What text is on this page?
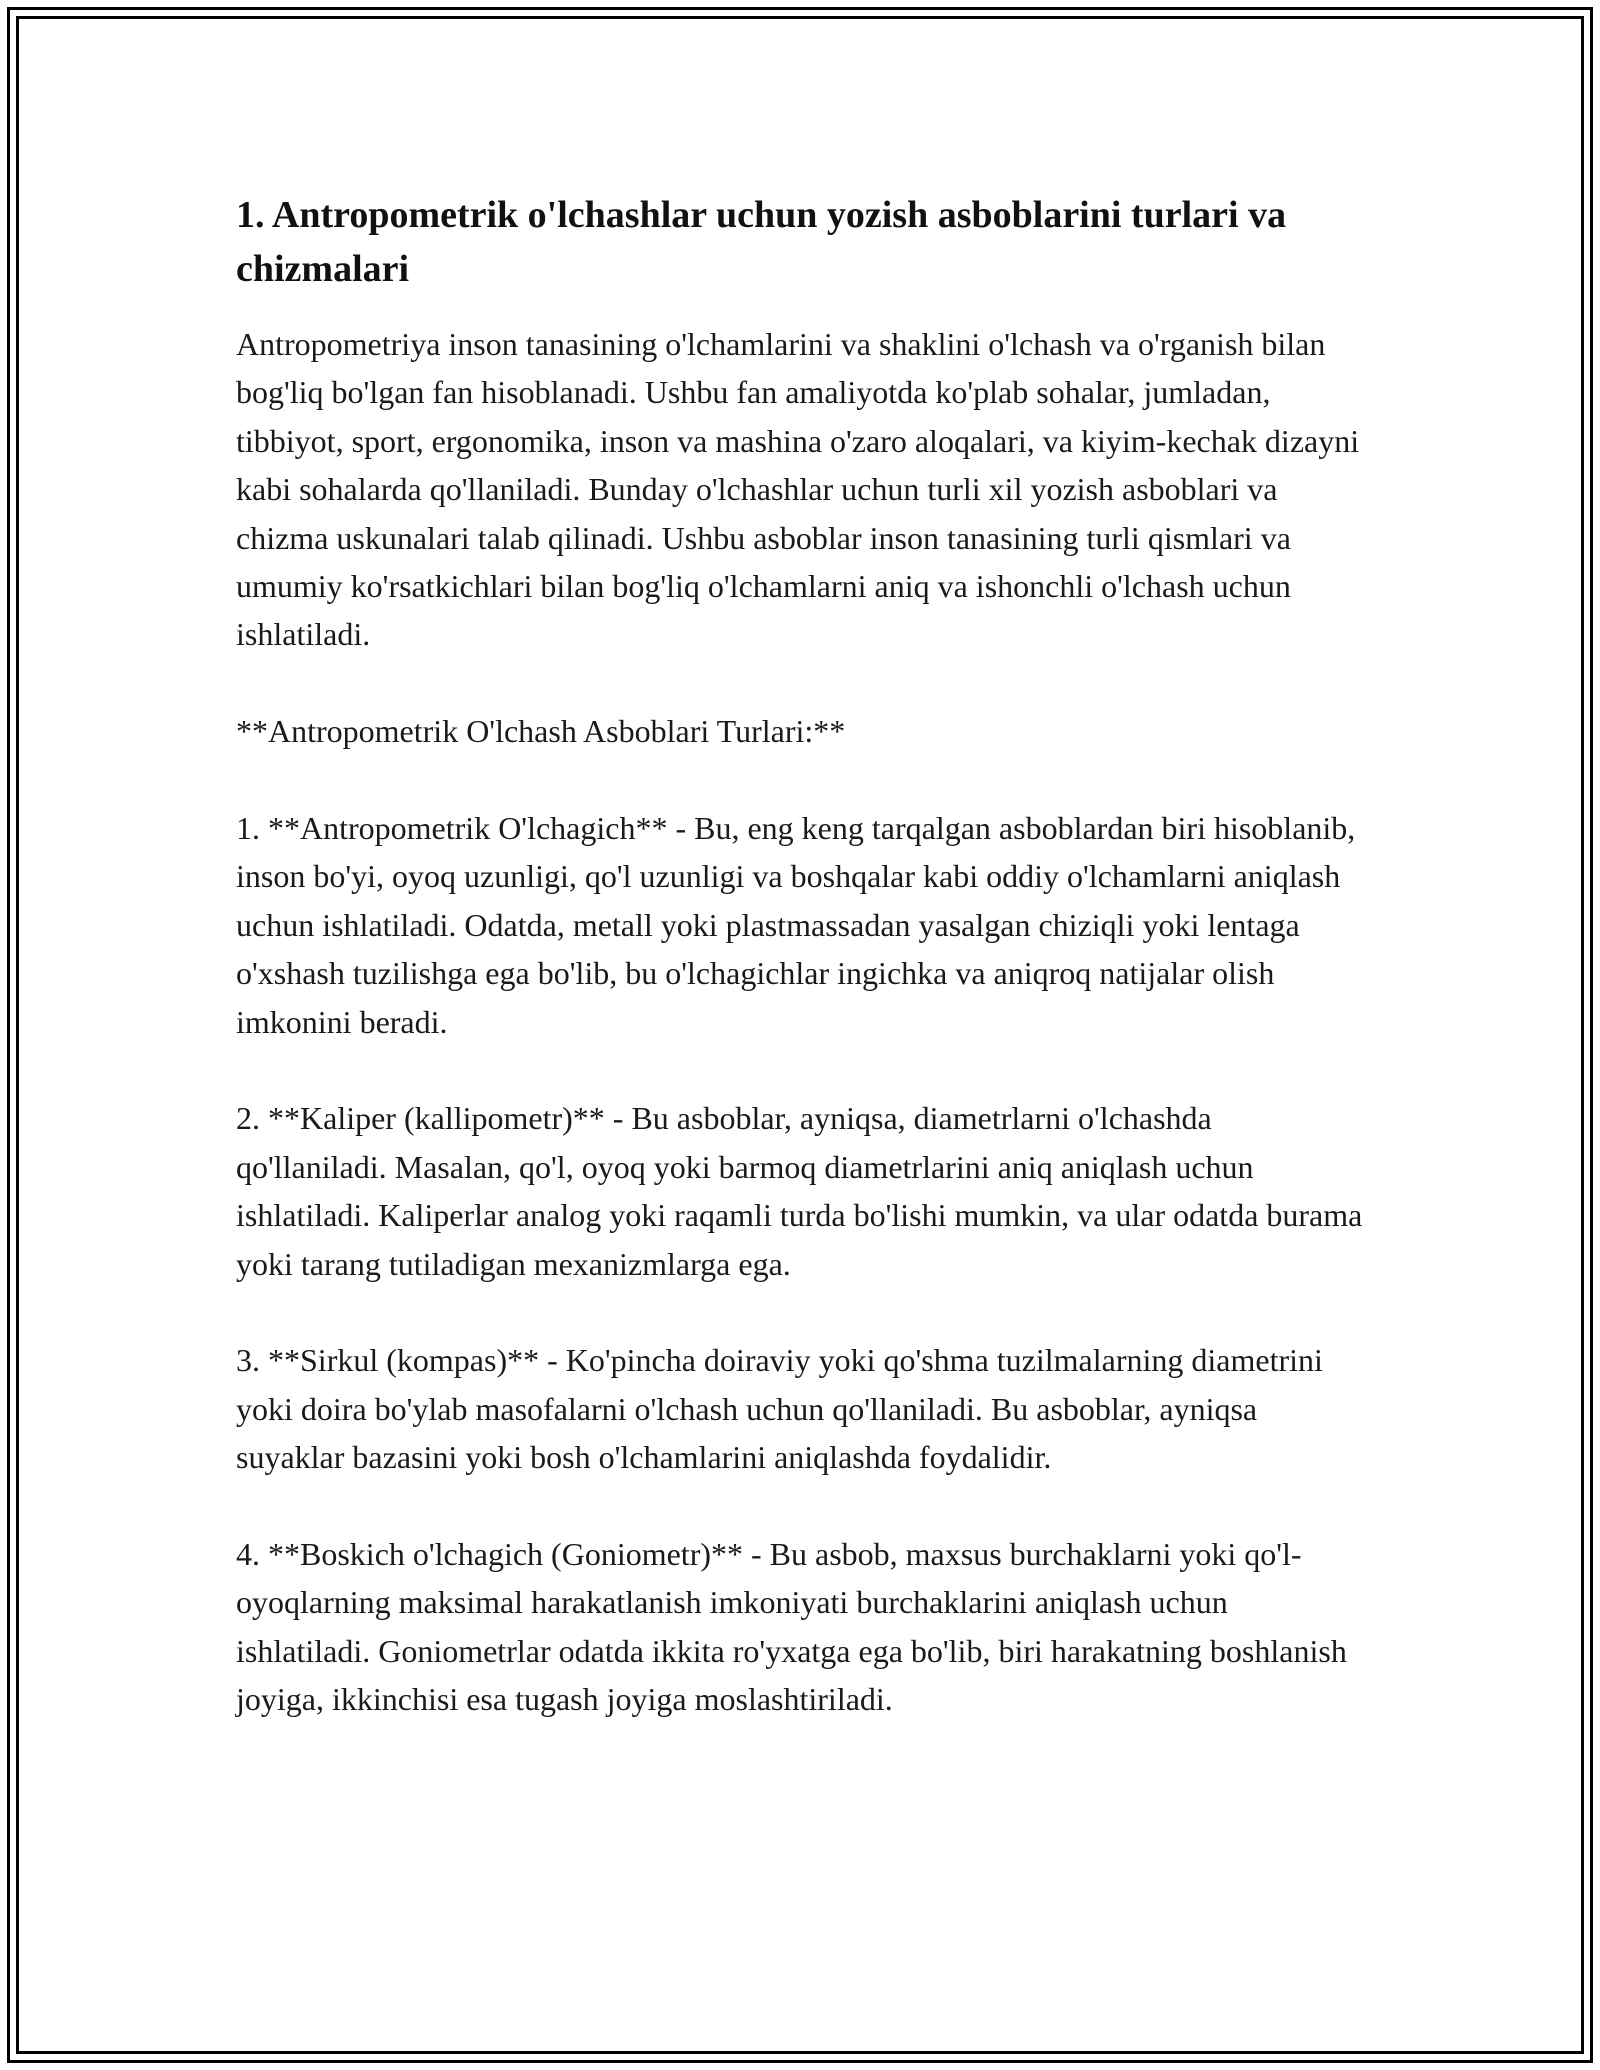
1. Antropometrik o'lchashlar uchun yozish asboblarini turlari va chizmalari

Antropometriya inson tanasining o'lchamlarini va shaklini o'lchash va o'rganish bilan bog'liq bo'lgan fan hisoblanadi. Ushbu fan amaliyotda ko'plab sohalar, jumladan, tibbiyot, sport, ergonomika, inson va mashina o'zaro aloqalari, va kiyim-kechak dizayni kabi sohalarda qo'llaniladi. Bunday o'lchashlar uchun turli xil yozish asboblari va chizma uskunalari talab qilinadi. Ushbu asboblar inson tanasining turli qismlari va umumiy ko'rsatkichlari bilan bog'liq o'lchamlarni aniq va ishonchli o'lchash uchun ishlatiladi.

**Antropometrik O'lchash Asboblari Turlari:**

1. **Antropometrik O'lchagich** - Bu, eng keng tarqalgan asboblardan biri hisoblanib, inson bo'yi, oyoq uzunligi, qo'l uzunligi va boshqalar kabi oddiy o'lchamlarni aniqlash uchun ishlatiladi. Odatda, metall yoki plastmassadan yasalgan chiziqli yoki lentaga o'xshash tuzilishga ega bo'lib, bu o'lchagichlar ingichka va aniqroq natijalar olish imkonini beradi.

2. **Kaliper (kallipometr)** - Bu asboblar, ayniqsa, diametrlarni o'lchashda qo'llaniladi. Masalan, qo'l, oyoq yoki barmoq diametrlarini aniq aniqlash uchun ishlatiladi. Kaliperlar analog yoki raqamli turda bo'lishi mumkin, va ular odatda burama yoki tarang tutiladigan mexanizmlarga ega.

3. **Sirkul (kompas)** - Ko'pincha doiraviy yoki qo'shma tuzilmalarning diametrini yoki doira bo'ylab masofalarni o'lchash uchun qo'llaniladi. Bu asboblar, ayniqsa suyaklar bazasini yoki bosh o'lchamlarini aniqlashda foydalidir.

4. **Boskich o'lchagich (Goniometr)** - Bu asbob, maxsus burchaklarni yoki qo'l-oyoqlarning maksimal harakatlanish imkoniyati burchaklarini aniqlash uchun ishlatiladi. Goniometrlar odatda ikkita ro'yxatga ega bo'lib, biri harakatning boshlanish joyiga, ikkinchisi esa tugash joyiga moslashtiriladi.
